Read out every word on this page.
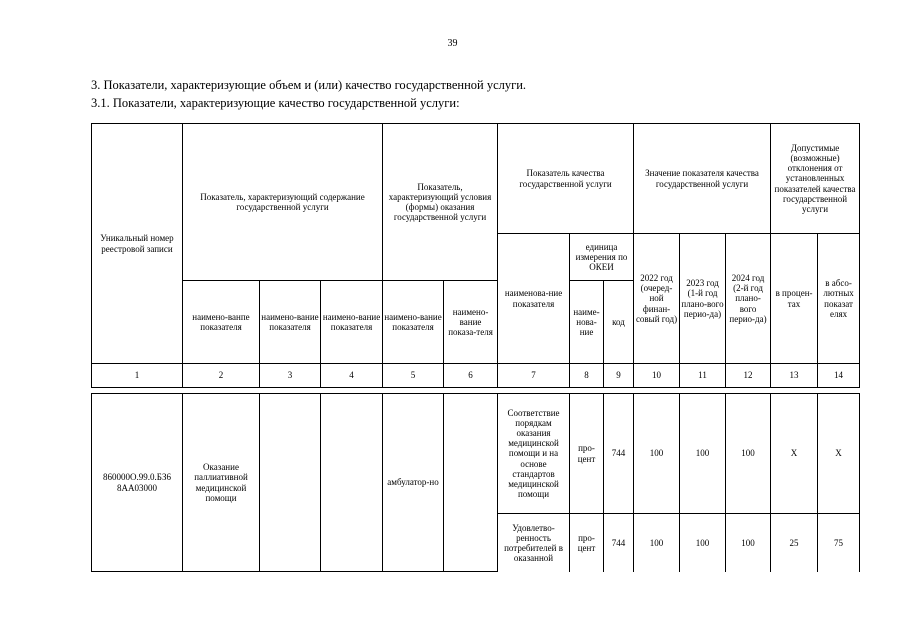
39
3. Показатели, характеризующие объем и (или) качество государственной услуги.
3.1. Показатели, характеризующие качество государственной услуги:
Уникальный номер реестровой записи	Показатель, характеризующий содержание государственной услуги			Показатель, характеризующий условия (формы) оказания государственной услуги		Показатель качества государственной услуги			Значение показателя качества государственной услуги			Допустимые (возможные) отклонения от установленных показателей качества государственной услуги	
						наименова-ние показателя	единица измерения по ОКЕИ		2022 год (очеред-ной финан-совый год)	2023 год (1-й год плано-вого перио-да)	2024 год (2-й год плано-вого перио-да)	в процен-тах	в абсо-лютных показат елях
	наимено-ванпе показателя	наимено-вание показателя	наимено-вание показателя	наимено-вание показателя	наимено-вание показа-теля		наиме-нова-ние	код					
1	2	3	4	5	6	7	8	9	10	11	12	13	14

860000О.99.0.БЗ6 8АА03000	Оказание паллиативной медицинской помощи			амбулатор-но		Соответствие порядкам оказания медицинской помощи и на основе стандартов медицинской помощи	про-цент	744	100	100	100	Х	Х
						Удовлетво-ренность потребителей в оказанной	про-цент	744	100	100	100	25	75
